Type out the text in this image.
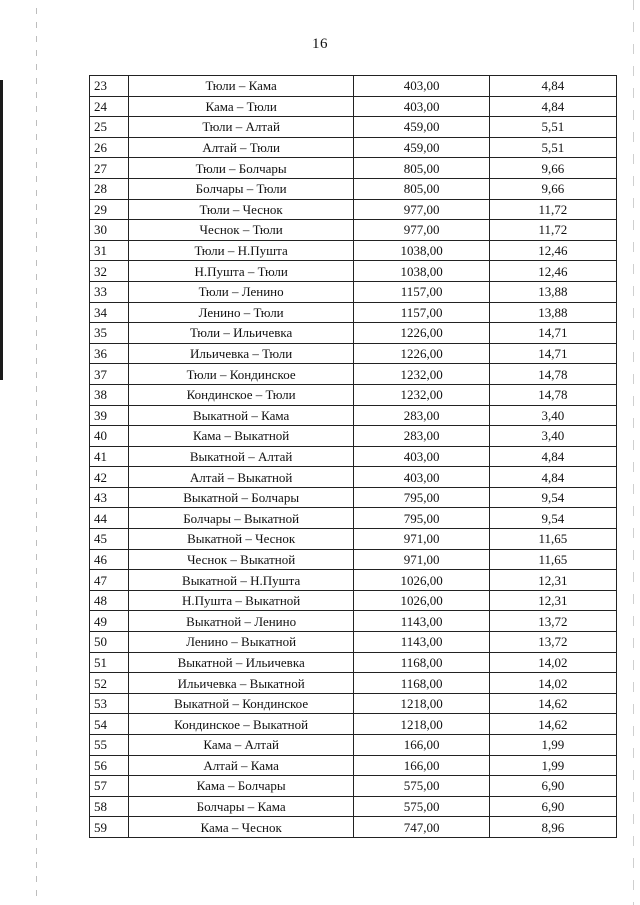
16
23	Тюли – Кама	403,00	4,84
24	Кама – Тюли	403,00	4,84
25	Тюли – Алтай	459,00	5,51
26	Алтай – Тюли	459,00	5,51
27	Тюли – Болчары	805,00	9,66
28	Болчары – Тюли	805,00	9,66
29	Тюли – Чеснок	977,00	11,72
30	Чеснок – Тюли	977,00	11,72
31	Тюли – Н.Пушта	1038,00	12,46
32	Н.Пушта – Тюли	1038,00	12,46
33	Тюли – Ленино	1157,00	13,88
34	Ленино – Тюли	1157,00	13,88
35	Тюли – Ильичевка	1226,00	14,71
36	Ильичевка – Тюли	1226,00	14,71
37	Тюли – Кондинское	1232,00	14,78
38	Кондинское – Тюли	1232,00	14,78
39	Выкатной – Кама	283,00	3,40
40	Кама – Выкатной	283,00	3,40
41	Выкатной – Алтай	403,00	4,84
42	Алтай – Выкатной	403,00	4,84
43	Выкатной – Болчары	795,00	9,54
44	Болчары – Выкатной	795,00	9,54
45	Выкатной – Чеснок	971,00	11,65
46	Чеснок – Выкатной	971,00	11,65
47	Выкатной – Н.Пушта	1026,00	12,31
48	Н.Пушта – Выкатной	1026,00	12,31
49	Выкатной – Ленино	1143,00	13,72
50	Ленино – Выкатной	1143,00	13,72
51	Выкатной – Ильичевка	1168,00	14,02
52	Ильичевка – Выкатной	1168,00	14,02
53	Выкатной – Кондинское	1218,00	14,62
54	Кондинское – Выкатной	1218,00	14,62
55	Кама – Алтай	166,00	1,99
56	Алтай – Кама	166,00	1,99
57	Кама – Болчары	575,00	6,90
58	Болчары – Кама	575,00	6,90
59	Кама – Чеснок	747,00	8,96
